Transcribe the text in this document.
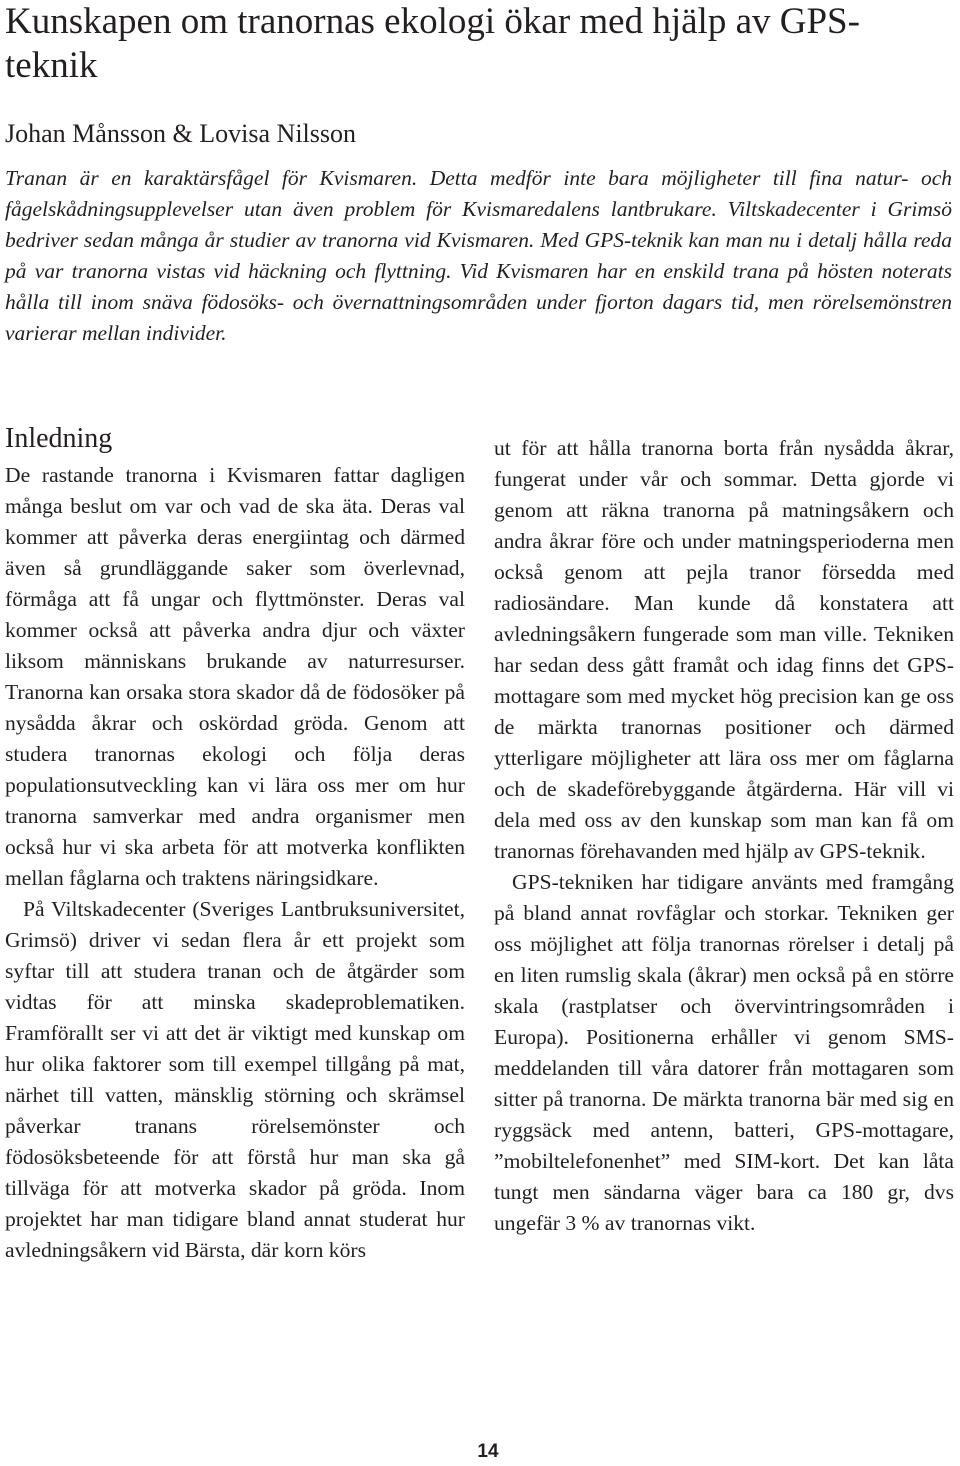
Kunskapen om tranornas ekologi ökar med hjälp av GPS-teknik

Johan Månsson & Lovisa Nilsson

Tranan är en karaktärsfågel för Kvismaren. Detta medför inte bara möjligheter till fina natur- och fågelskådningsupplevelser utan även problem för Kvismaredalens lantbrukare. Viltskadecenter i Grimsö bedriver sedan många år studier av tranorna vid Kvismaren. Med GPS-teknik kan man nu i detalj hålla reda på var tranorna vistas vid häckning och flyttning. Vid Kvismaren har en enskild trana på hösten noterats hålla till inom snäva födosöks- och övernattningsområden under fjorton dagars tid, men rörelsemönstren varierar mellan individer.

Inledning

De rastande tranorna i Kvismaren fattar dagligen många beslut om var och vad de ska äta. Deras val kommer att påverka deras energiintag och därmed även så grundläggande saker som överlevnad, förmåga att få ungar och flyttmönster. Deras val kommer också att påverka andra djur och växter liksom människans brukande av naturresurser. Tranorna kan orsaka stora skador då de födosöker på nysådda åkrar och oskördad gröda. Genom att studera tranornas ekologi och följa deras populationsutveckling kan vi lära oss mer om hur tranorna samverkar med andra organismer men också hur vi ska arbeta för att motverka konflikten mellan fåglarna och traktens näringsidkare.

På Viltskadecenter (Sveriges Lantbruksuniversitet, Grimsö) driver vi sedan flera år ett projekt som syftar till att studera tranan och de åtgärder som vidtas för att minska skadeproblematiken. Framförallt ser vi att det är viktigt med kunskap om hur olika faktorer som till exempel tillgång på mat, närhet till vatten, mänsklig störning och skrämsel påverkar tranans rörelsemönster och födosöksbeteende för att förstå hur man ska gå tillväga för att motverka skador på gröda. Inom projektet har man tidigare bland annat studerat hur avledningsåkern vid Bärsta, där korn körs

ut för att hålla tranorna borta från nysådda åkrar, fungerat under vår och sommar. Detta gjorde vi genom att räkna tranorna på matningsåkern och andra åkrar före och under matningsperioderna men också genom att pejla tranor försedda med radiosändare. Man kunde då konstatera att avledningsåkern fungerade som man ville. Tekniken har sedan dess gått framåt och idag finns det GPS-mottagare som med mycket hög precision kan ge oss de märkta tranornas positioner och därmed ytterligare möjligheter att lära oss mer om fåglarna och de skadeförebyggande åtgärderna. Här vill vi dela med oss av den kunskap som man kan få om tranornas förehavanden med hjälp av GPS-teknik.

GPS-tekniken har tidigare använts med framgång på bland annat rovfåglar och storkar. Tekniken ger oss möjlighet att följa tranornas rörelser i detalj på en liten rumslig skala (åkrar) men också på en större skala (rastplatser och övervintringsområden i Europa). Positionerna erhåller vi genom SMS-meddelanden till våra datorer från mottagaren som sitter på tranorna. De märkta tranorna bär med sig en ryggsäck med antenn, batteri, GPS-mottagare, ”mobiltelefonenhet” med SIM-kort. Det kan låta tungt men sändarna väger bara ca 180 gr, dvs ungefär 3 % av tranornas vikt.

14
